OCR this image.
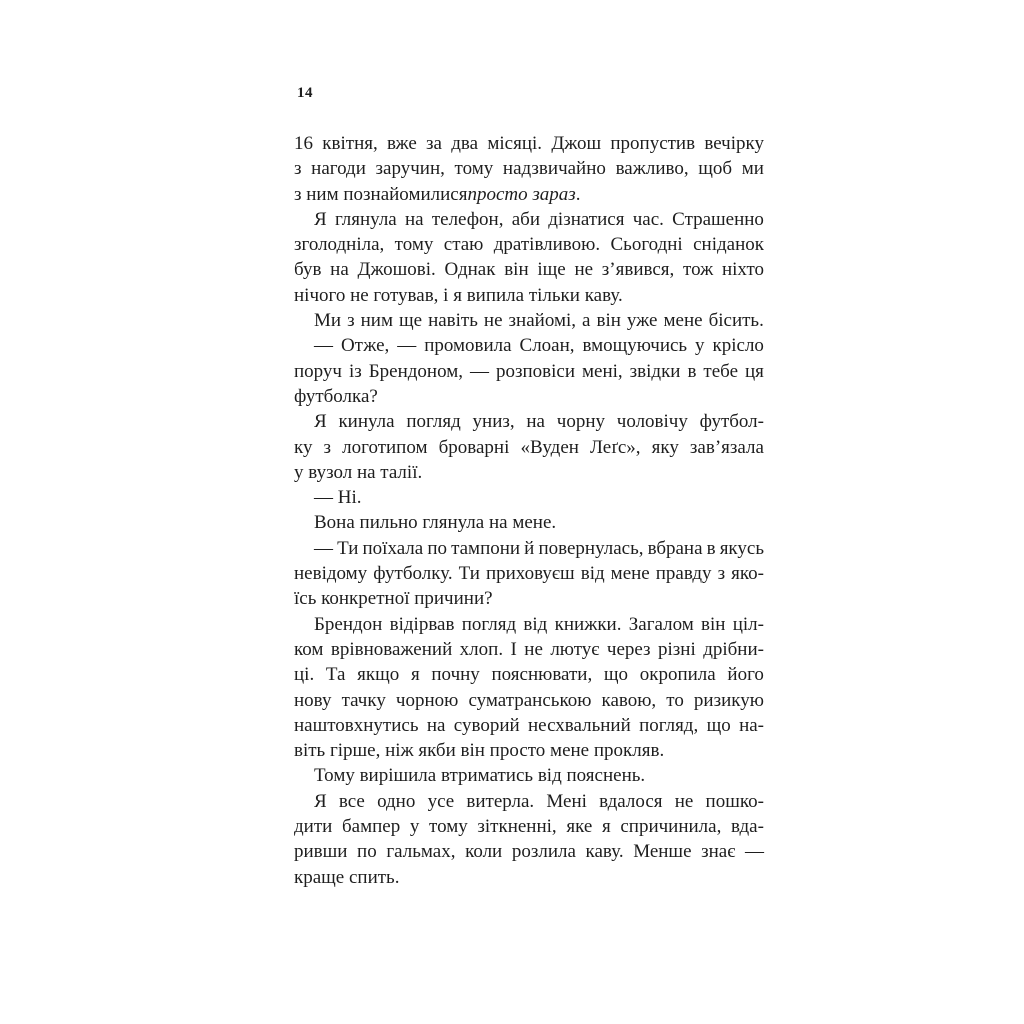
14
16 квітня, вже за два місяці. Джош пропустив вечірку
з нагоди заручин, тому надзвичайно важливо, щоб ми
з ним познайомилисяпросто зараз.
Я глянула на телефон, аби дізнатися час. Страшенно
зголодніла, тому стаю дратівливою. Сьогодні сніданок
був на Джошові. Однак він іще не з’явився, тож ніхто
нічого не готував, і я випила тільки каву.
Ми з ним ще навіть не знайомі, а він уже мене бісить.
— Отже, — промовила Слоан, вмощуючись у крісло
поруч із Брендоном, — розповіси мені, звідки в тебе ця
футболка?
Я кинула погляд униз, на чорну чоловічу футбол-
ку з логотипом броварні «Вуден Леґс», яку зав’язала
у вузол на талії.
— Ні.
Вона пильно глянула на мене.
— Ти поїхала по тампони й повернулась, вбрана в якусь
невідому футболку. Ти приховуєш від мене правду з яко-
їсь конкретної причини?
Брендон відірвав погляд від книжки. Загалом він ціл-
ком врівноважений хлоп. І не лютує через різні дрібни-
ці. Та якщо я почну пояснювати, що окропила його
нову тачку чорною суматранською кавою, то ризикую
наштовхнутись на суворий несхвальний погляд, що на-
віть гірше, ніж якби він просто мене прокляв.
Тому вирішила втриматись від пояснень.
Я все одно усе витерла. Мені вдалося не пошко-
дити бампер у тому зіткненні, яке я спричинила, вда-
ривши по гальмах, коли розлила каву. Менше знає —
краще спить.
